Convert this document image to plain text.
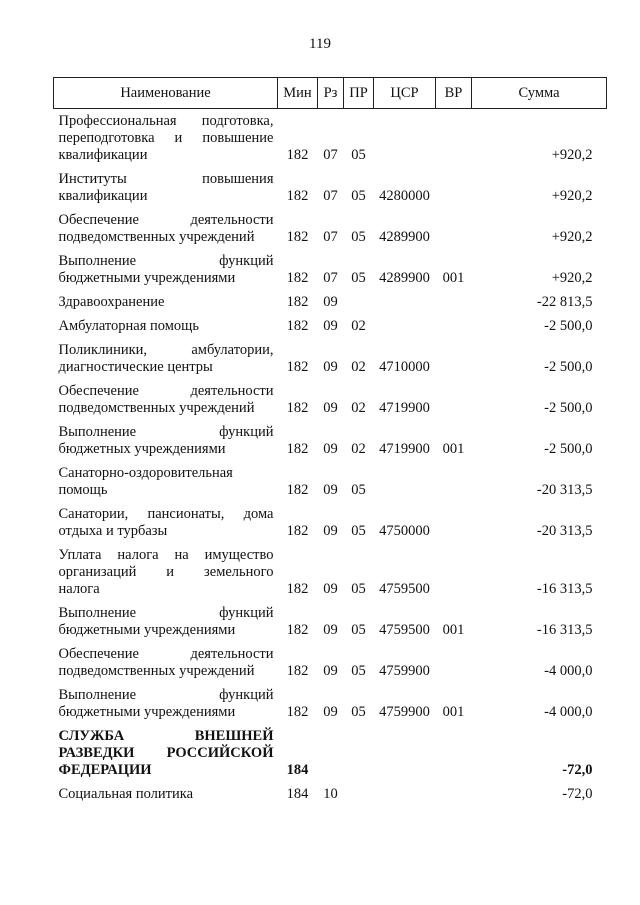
119
Наименование	Мин	Рз	ПР	ЦСР	ВР	Сумма

Профессиональная подготовка,
переподготовка и повышение
квалификации	182	07	05			+920,2

Институты повышения
квалификации	182	07	05	4280000		+920,2

Обеспечение деятельности
подведомственных учреждений	182	07	05	4289900		+920,2

Выполнение функций
бюджетными учреждениями	182	07	05	4289900	001	+920,2

Здравоохранение	182	09				-22 813,5

Амбулаторная помощь	182	09	02			-2 500,0

Поликлиники, амбулатории,
диагностические центры	182	09	02	4710000		-2 500,0

Обеспечение деятельности
подведомственных учреждений	182	09	02	4719900		-2 500,0

Выполнение функций
бюджетных учреждениями	182	09	02	4719900	001	-2 500,0

Санаторно-оздоровительная
помощь	182	09	05			-20 313,5

Санатории, пансионаты, дома
отдыха и турбазы	182	09	05	4750000		-20 313,5

Уплата налога на имущество
организаций и земельного
налога	182	09	05	4759500		-16 313,5

Выполнение функций
бюджетными учреждениями	182	09	05	4759500	001	-16 313,5

Обеспечение деятельности
подведомственных учреждений	182	09	05	4759900		-4 000,0

Выполнение функций
бюджетными учреждениями	182	09	05	4759900	001	-4 000,0

СЛУЖБА ВНЕШНЕЙ
РАЗВЕДКИ РОССИЙСКОЙ
ФЕДЕРАЦИИ	184					-72,0

Социальная политика	184	10				-72,0
